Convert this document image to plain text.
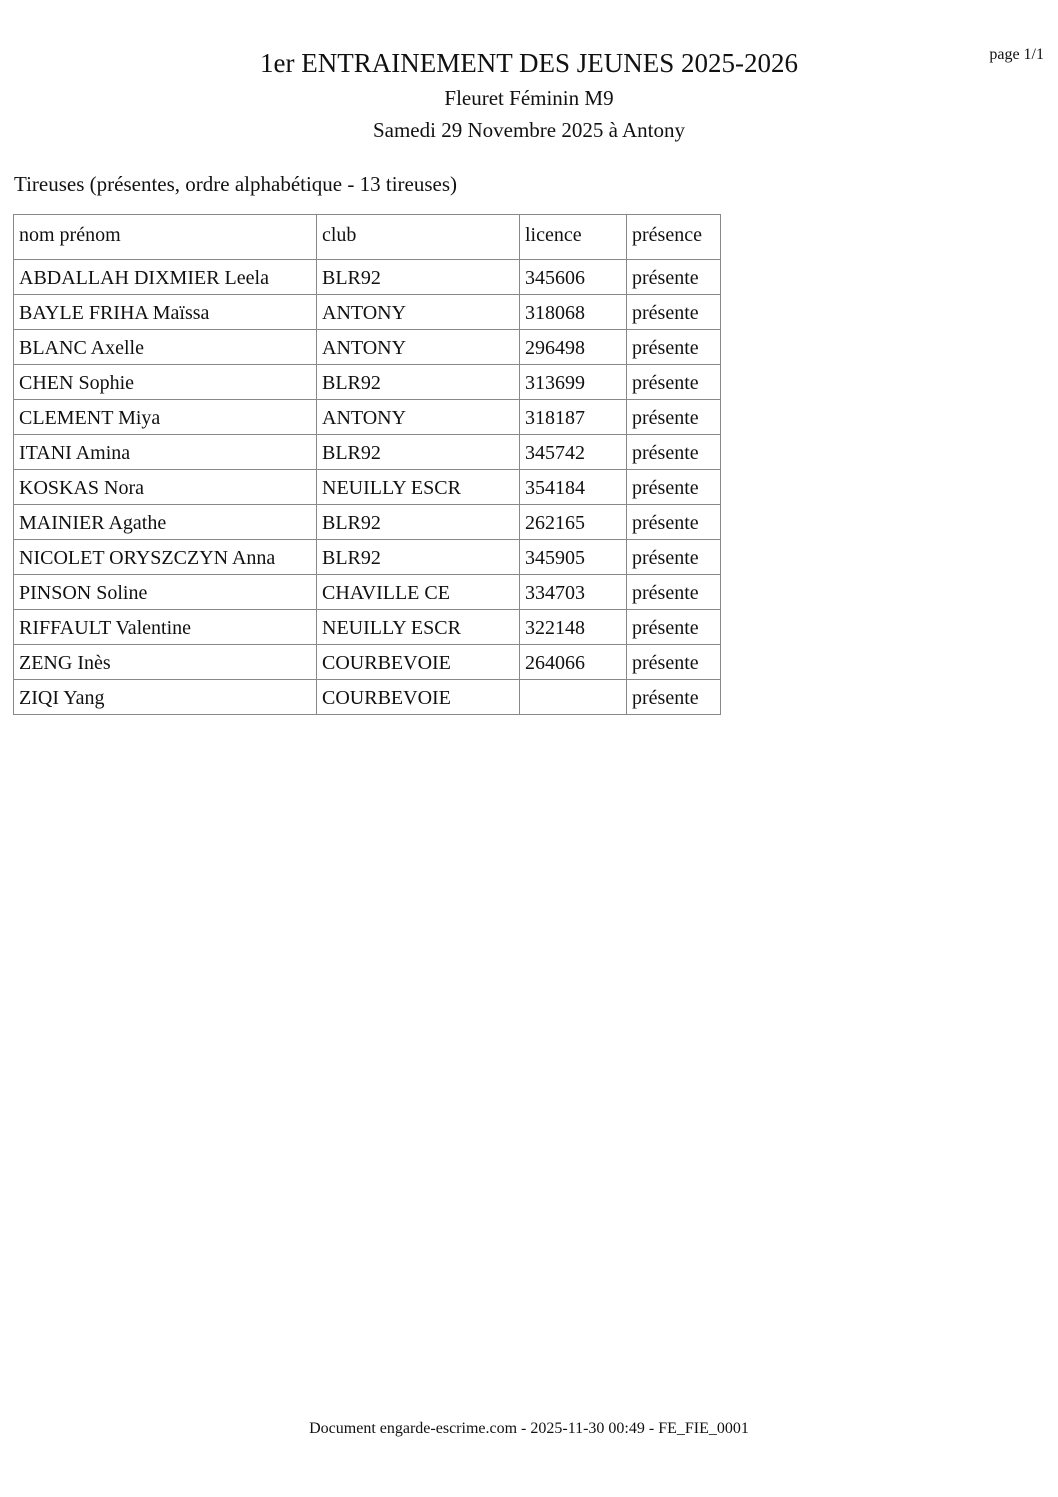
page 1/1
1er ENTRAINEMENT DES JEUNES 2025-2026
Fleuret Féminin M9
Samedi 29 Novembre 2025 à Antony
Tireuses (présentes, ordre alphabétique - 13 tireuses)
nom prénom	club	licence	présence
ABDALLAH DIXMIER Leela	BLR92	345606	présente
BAYLE FRIHA Maïssa	ANTONY	318068	présente
BLANC Axelle	ANTONY	296498	présente
CHEN Sophie	BLR92	313699	présente
CLEMENT Miya	ANTONY	318187	présente
ITANI Amina	BLR92	345742	présente
KOSKAS Nora	NEUILLY ESCR	354184	présente
MAINIER Agathe	BLR92	262165	présente
NICOLET ORYSZCZYN Anna	BLR92	345905	présente
PINSON Soline	CHAVILLE CE	334703	présente
RIFFAULT Valentine	NEUILLY ESCR	322148	présente
ZENG Inès	COURBEVOIE	264066	présente
ZIQI Yang	COURBEVOIE		présente
Document engarde-escrime.com - 2025-11-30 00:49 - FE_FIE_0001
